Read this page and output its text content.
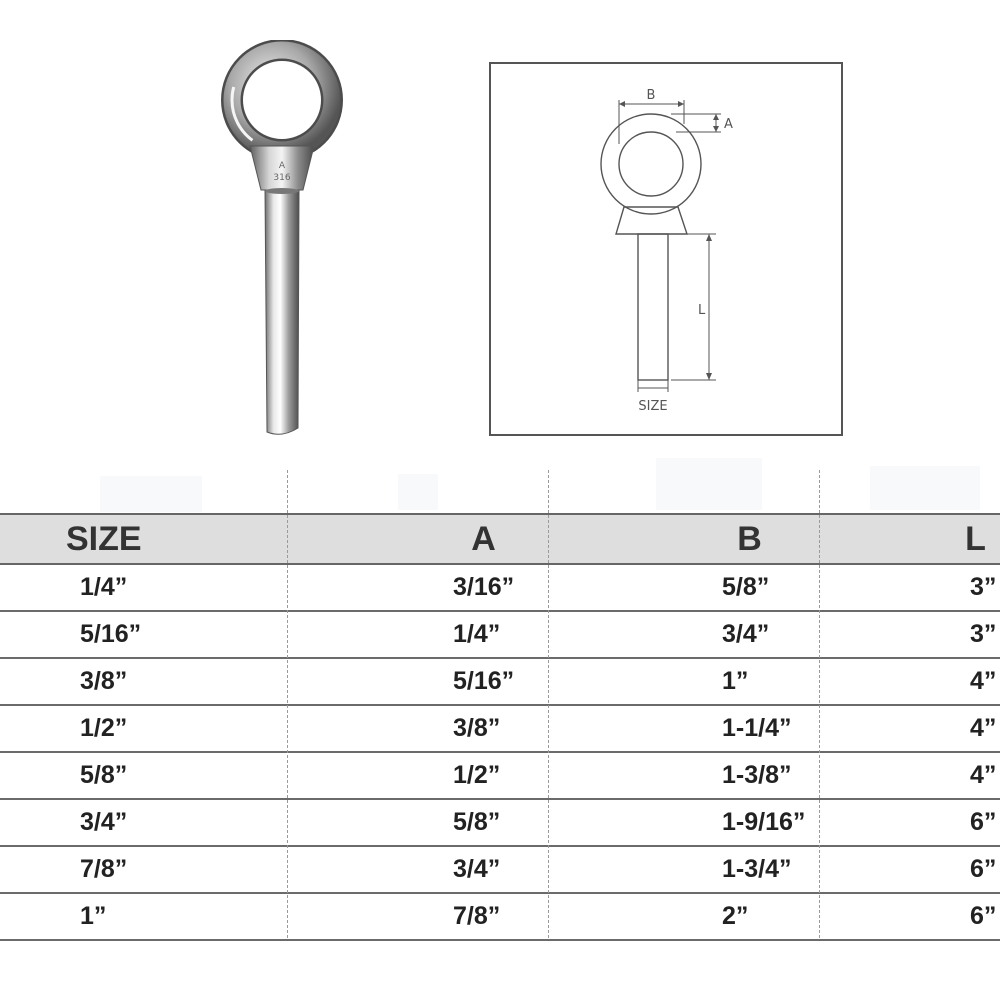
A
316
B
A
L
SIZE
SIZE	A	B	L
1/4”	3/16”	5/8”	3”
5/16”	1/4”	3/4”	3”
3/8”	5/16”	1”	4”
1/2”	3/8”	1-1/4”	4”
5/8”	1/2”	1-3/8”	4”
3/4”	5/8”	1-9/16”	6”
7/8”	3/4”	1-3/4”	6”
1”	7/8”	2”	6”
